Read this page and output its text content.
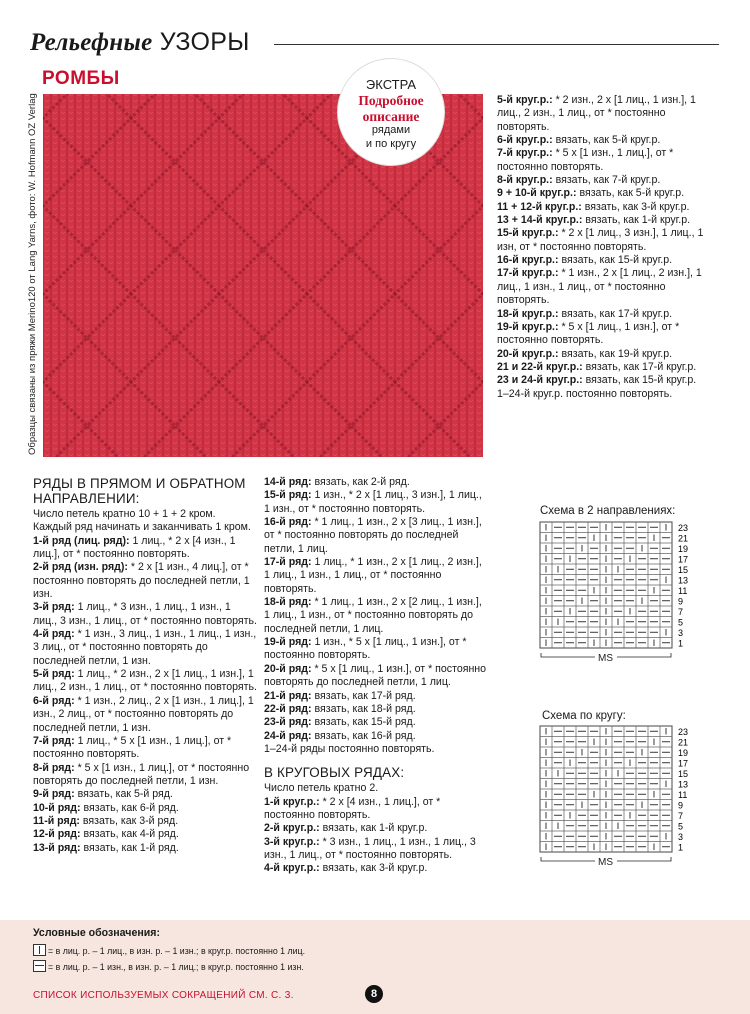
Рельефные УЗОРЫ
РОМБЫ
Образцы связаны из пряжи Merino120 от Lang Yarns, фото: W. Hofmann OZ Verlag
ЭКСТРА
Подробное
описание
рядами
и по кругу

5-й круг.р.: * 2 изн., 2 х [1 лиц., 1 изн.], 1 лиц., 2 изн., 1 лиц., от * постоянно повторять.

6-й круг.р.: вязать, как 5-й круг.р.

7-й круг.р.: * 5 х [1 изн., 1 лиц.], от * постоянно повторять.

8-й круг.р.: вязать, как 7-й круг.р.

9 + 10-й круг.р.: вязать, как 5-й круг.р.

11 + 12-й круг.р.: вязать, как 3-й круг.р.

13 + 14-й круг.р.: вязать, как 1-й круг.р.

15-й круг.р.: * 2 х [1 лиц., 3 изн.], 1 лиц., 1 изн, от * постоянно повторять.

16-й круг.р.: вязать, как 15-й круг.р.

17-й круг.р.: * 1 изн., 2 х [1 лиц., 2 изн.], 1 лиц., 1 изн., 1 лиц., от * постоянно повторять.

18-й круг.р.: вязать, как 17-й круг.р.

19-й круг.р.: * 5 х [1 лиц., 1 изн.], от * постоянно повторять.

20-й круг.р.: вязать, как 19-й круг.р.

21 и 22-й круг.р.: вязать, как 17-й круг.р.

23 и 24-й круг.р.: вязать, как 15-й круг.р.

1–24-й круг.р. постоянно повторять.

РЯДЫ В ПРЯМОМ И ОБРАТНОМ
НАПРАВЛЕНИИ:

Число петель кратно 10 + 1 + 2 кром. Каждый ряд начинать и заканчивать 1 кром.

1-й ряд (лиц. ряд): 1 лиц., * 2 х [4 изн., 1 лиц.], от * постоянно повторять.

2-й ряд (изн. ряд): * 2 х [1 изн., 4 лиц.], от * постоянно повторять до последней петли, 1 изн.

3-й ряд: 1 лиц., * 3 изн., 1 лиц., 1 изн., 1 лиц., 3 изн., 1 лиц., от * постоянно повторять.

4-й ряд: * 1 изн., 3 лиц., 1 изн., 1 лиц., 1 изн., 3 лиц., от * постоянно повторять до последней петли, 1 изн.

5-й ряд: 1 лиц., * 2 изн., 2 х [1 лиц., 1 изн.], 1 лиц., 2 изн., 1 лиц., от * постоянно повторять.

6-й ряд: * 1 изн., 2 лиц., 2 х [1 изн., 1 лиц.], 1 изн., 2 лиц., от * постоянно повторять до последней петли, 1 изн.

7-й ряд: 1 лиц., * 5 х [1 изн., 1 лиц.], от * постоянно повторять.

8-й ряд: * 5 х [1 изн., 1 лиц.], от * постоянно повторять до последней петли, 1 изн.

9-й ряд: вязать, как 5-й ряд.

10-й ряд: вязать, как 6-й ряд.

11-й ряд: вязать, как 3-й ряд.

12-й ряд: вязать, как 4-й ряд.

13-й ряд: вязать, как 1-й ряд.

14-й ряд: вязать, как 2-й ряд.

15-й ряд: 1 изн., * 2 х [1 лиц., 3 изн.], 1 лиц., 1 изн., от * постоянно повторять.

16-й ряд: * 1 лиц., 1 изн., 2 х [3 лиц., 1 изн.], от * постоянно повторять до последней петли, 1 лиц.

17-й ряд: 1 лиц., * 1 изн., 2 х [1 лиц., 2 изн.], 1 лиц., 1 изн., 1 лиц., от * постоянно повторять.

18-й ряд: * 1 лиц., 1 изн., 2 х [2 лиц., 1 изн.], 1 лиц., 1 изн., от * постоянно повторять до последней петли, 1 лиц.

19-й ряд: 1 изн., * 5 х [1 лиц., 1 изн.], от * постоянно повторять.

20-й ряд: * 5 х [1 лиц., 1 изн.], от * постоянно повторять до последней петли, 1 лиц.

21-й ряд: вязать, как 17-й ряд.

22-й ряд: вязать, как 18-й ряд.

23-й ряд: вязать, как 15-й ряд.

24-й ряд: вязать, как 16-й ряд.

1–24-й ряды постоянно повторять.

В КРУГОВЫХ РЯДАХ:

Число петель кратно 2.

1-й круг.р.: * 2 х [4 изн., 1 лиц.], от * постоянно повторять.

2-й круг.р.: вязать, как 1-й круг.р.

3-й круг.р.: * 3 изн., 1 лиц., 1 изн., 1 лиц., 3 изн., 1 лиц., от * постоянно повторять.

4-й круг.р.: вязать, как 3-й круг.р.

Схема в 2 направлениях:
23
21
19
17
15
13
11
9
7
5
3
1
MS
Схема по кругу:
23
21
19
17
15
13
11
9
7
5
3
1
MS
Условные обозначения:
= в лиц. р. – 1 лиц., в изн. р. – 1 изн.; в круг.р. постоянно 1 лиц.
= в лиц. р. – 1 изн., в изн. р. – 1 лиц.; в круг.р. постоянно 1 изн.
СПИСОК ИСПОЛЬЗУЕМЫХ СОКРАЩЕНИЙ СМ. С. 3.	8
